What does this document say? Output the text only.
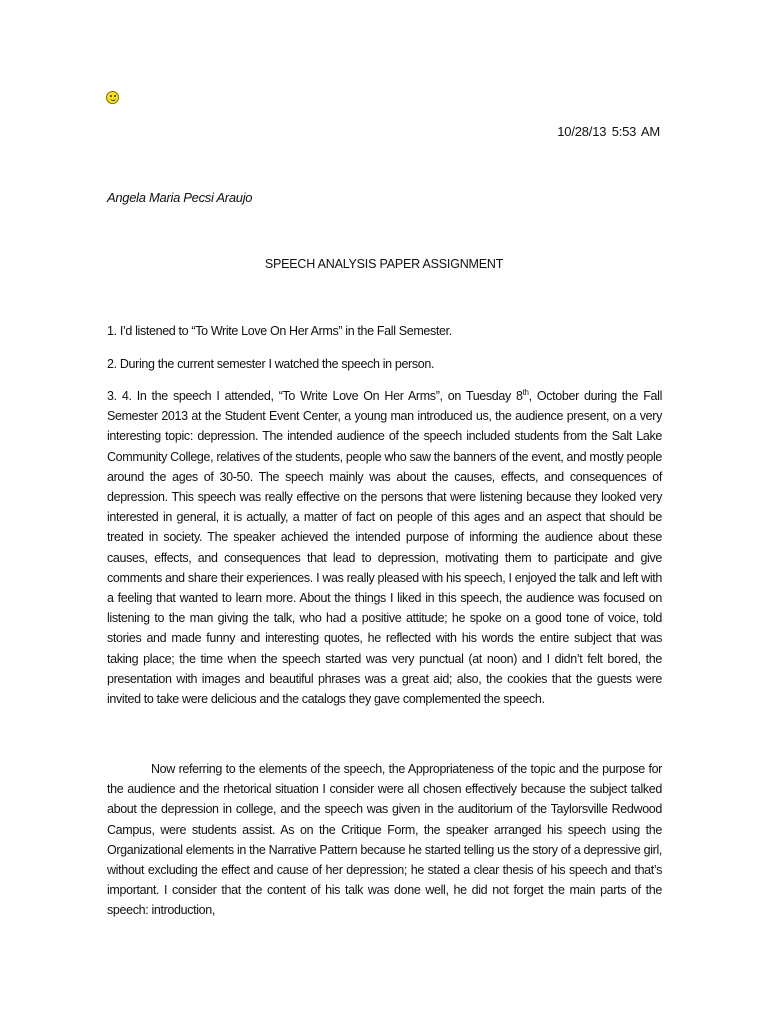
10/28/13 5:53 AM
Angela Maria Pecsi Araujo
SPEECH ANALYSIS PAPER ASSIGNMENT
1. I’d listened to “To Write Love On Her Arms” in the Fall Semester.
2. During the current semester I watched the speech in person.
3. 4. In the speech I attended, “To Write Love On Her Arms”, on Tuesday 8th, October during the Fall Semester 2013 at the Student Event Center, a young man introduced us, the audience present, on a very interesting topic: depression. The intended audience of the speech included students from the Salt Lake Community College, relatives of the students, people who saw the banners of the event, and mostly people around the ages of 30-50. The speech mainly was about the causes, effects, and consequences of depression. This speech was really effective on the persons that were listening because they looked very interested in general, it is actually, a matter of fact on people of this ages and an aspect that should be treated in society. The speaker achieved the intended purpose of informing the audience about these causes, effects, and consequences that lead to depression, motivating them to participate and give comments and share their experiences. I was really pleased with his speech, I enjoyed the talk and left with a feeling that wanted to learn more. About the things I liked in this speech, the audience was focused on listening to the man giving the talk, who had a positive attitude; he spoke on a good tone of voice, told stories and made funny and interesting quotes, he reflected with his words the entire subject that was taking place; the time when the speech started was very punctual (at noon) and I didn’t felt bored, the presentation with images and beautiful phrases was a great aid; also, the cookies that the guests were invited to take were delicious and the catalogs they gave complemented the speech.
Now referring to the elements of the speech, the Appropriateness of the topic and the purpose for the audience and the rhetorical situation I consider were all chosen effectively because the subject talked about the depression in college, and the speech was given in the auditorium of the Taylorsville Redwood Campus, were students assist. As on the Critique Form, the speaker arranged his speech using the Organizational elements in the Narrative Pattern because he started telling us the story of a depressive girl, without excluding the effect and cause of her depression; he stated a clear thesis of his speech and that’s important. I consider that the content of his talk was done well, he did not forget the main parts of the speech: introduction,
